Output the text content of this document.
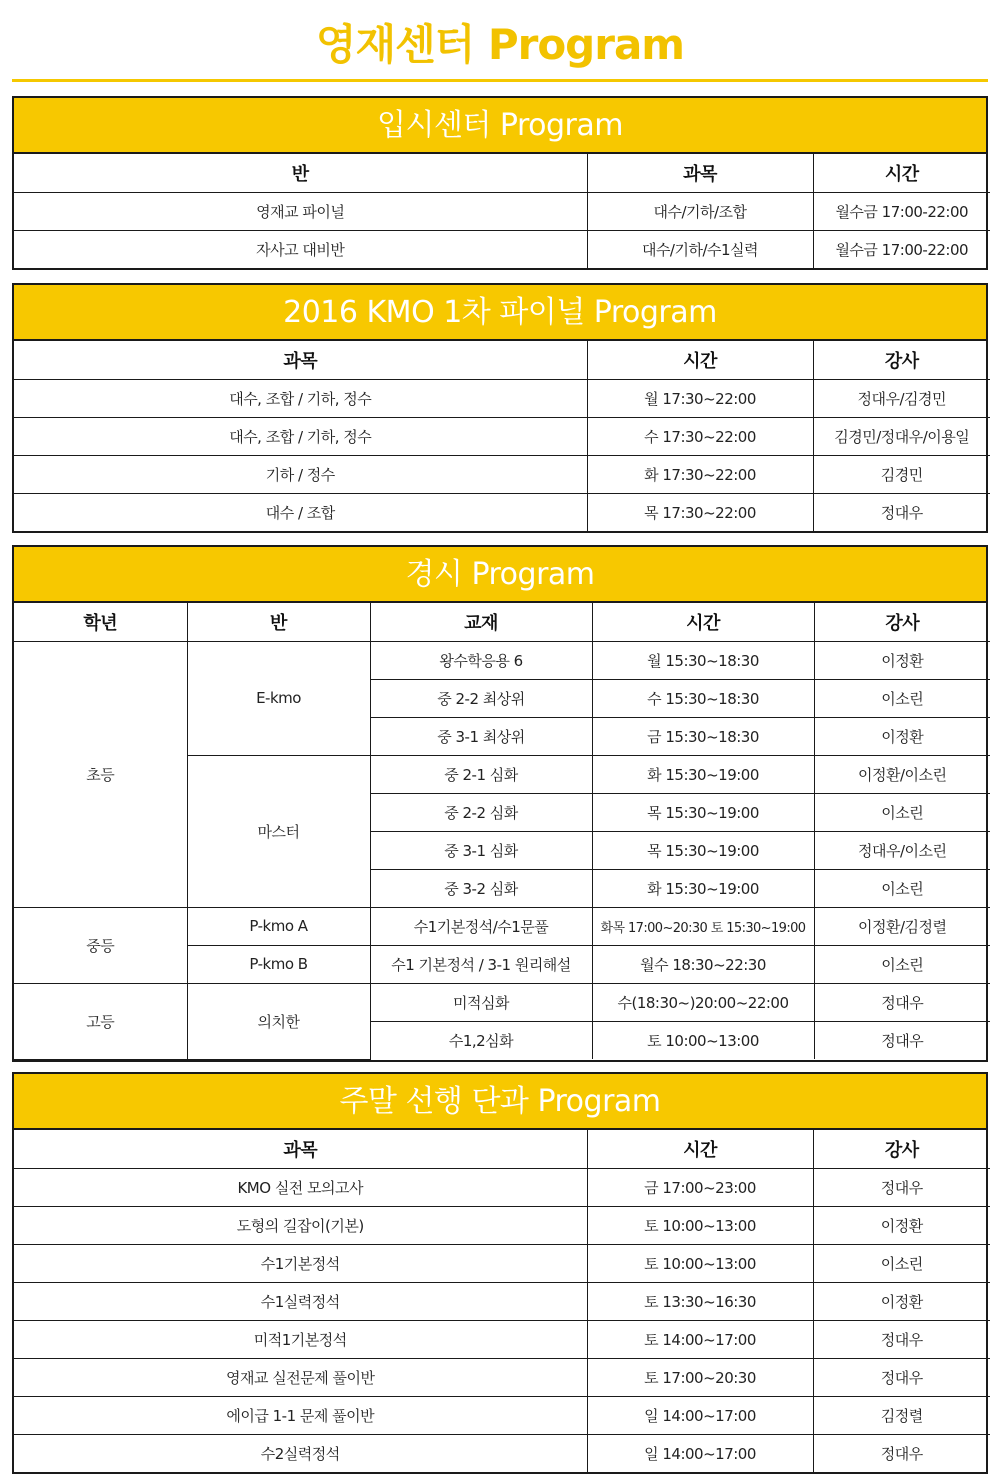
영재센터 Program
입시센터 Program
반	과목	시간
영재교 파이널	대수/기하/조합	월수금 17:00-22:00
자사고 대비반	대수/기하/수1실력	월수금 17:00-22:00
2016 KMO 1차 파이널 Program
과목	시간	강사
대수, 조합 / 기하, 정수	월 17:30~22:00	정대우/김경민
대수, 조합 / 기하, 정수	수 17:30~22:00	김경민/정대우/이용일
기하 / 정수	화 17:30~22:00	김경민
대수 / 조합	목 17:30~22:00	정대우
경시 Program
학년	반	교재	시간	강사
초등	E-kmo	왕수학응용 6	월 15:30~18:30	이정환
		중 2-2 최상위	수 15:30~18:30	이소린
		중 3-1 최상위	금 15:30~18:30	이정환
	마스터	중 2-1 심화	화 15:30~19:00	이정환/이소린
		중 2-2 심화	목 15:30~19:00	이소린
		중 3-1 심화	목 15:30~19:00	정대우/이소린
		중 3-2 심화	화 15:30~19:00	이소린
중등	P-kmo A	수1기본정석/수1문풀	화목 17:00~20:30 토 15:30~19:00	이정환/김정렬
	P-kmo B	수1 기본정석 / 3-1 원리해설	월수 18:30~22:30	이소린
고등	의치한	미적심화	수(18:30~)20:00~22:00	정대우
		수1,2심화	토 10:00~13:00	정대우
주말 선행 단과 Program
과목	시간	강사
KMO 실전 모의고사	금 17:00~23:00	정대우
도형의 길잡이(기본)	토 10:00~13:00	이정환
수1기본정석	토 10:00~13:00	이소린
수1실력정석	토 13:30~16:30	이정환
미적1기본정석	토 14:00~17:00	정대우
영재교 실전문제 풀이반	토 17:00~20:30	정대우
에이급 1-1 문제 풀이반	일 14:00~17:00	김정렬
수2실력정석	일 14:00~17:00	정대우
